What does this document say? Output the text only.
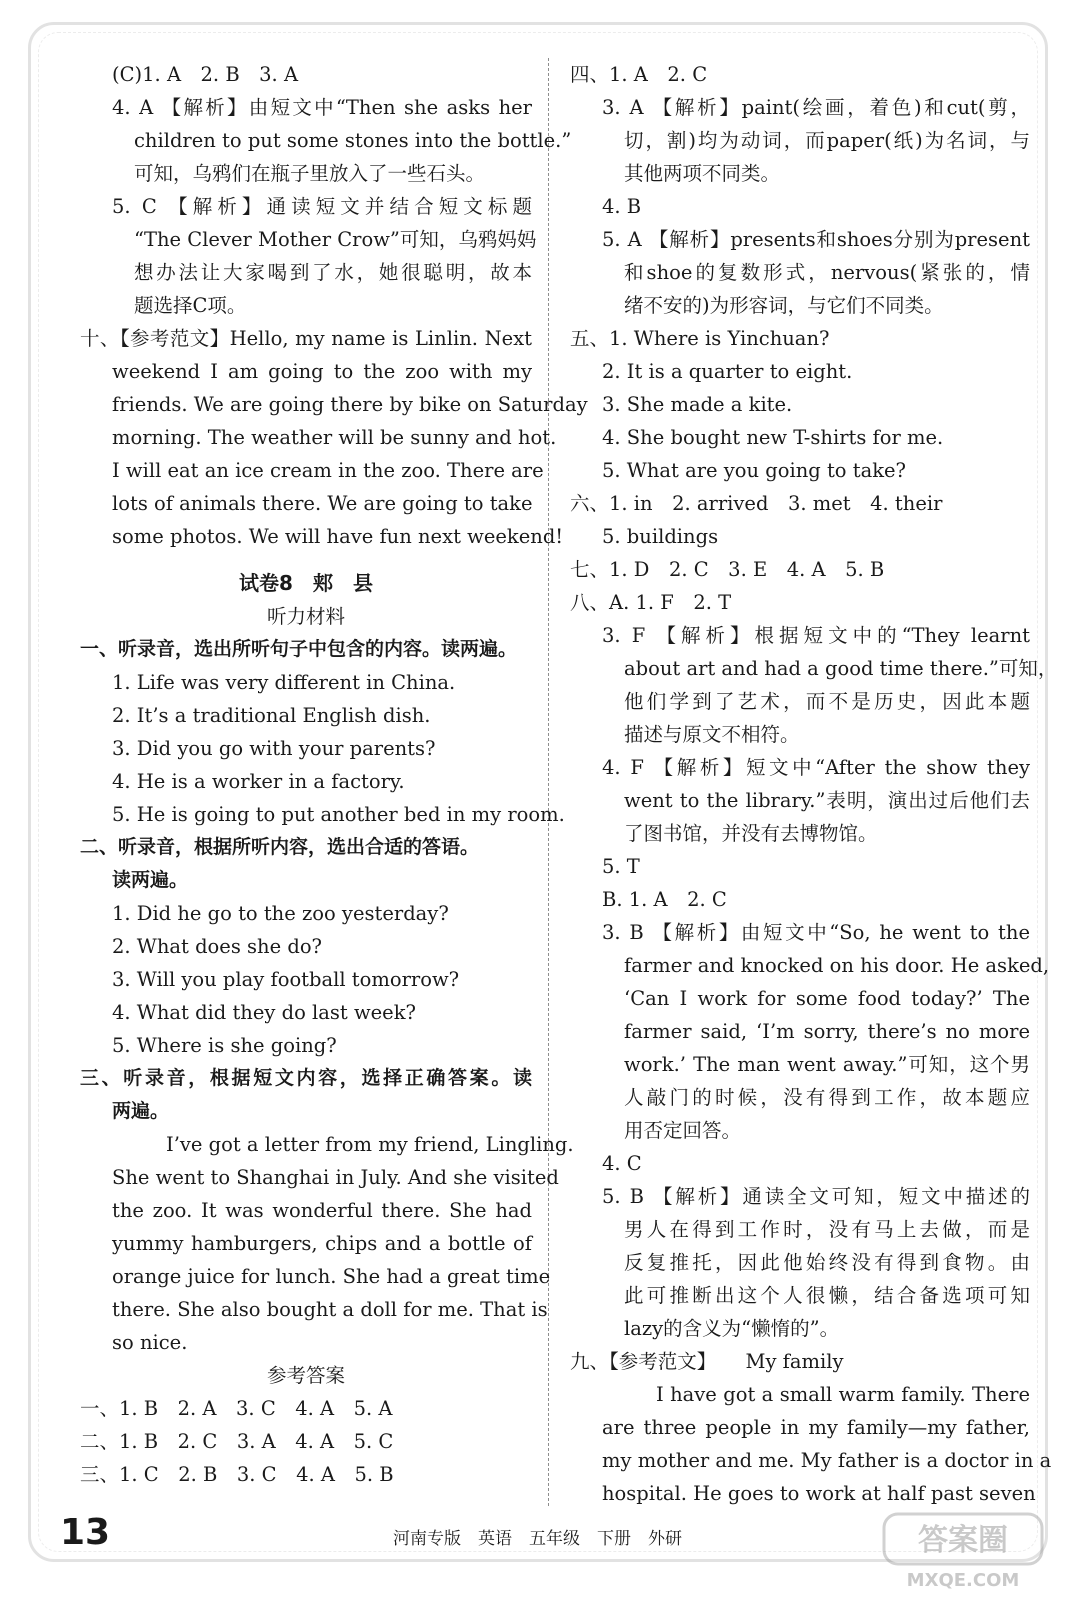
(C)1. A　2. B　3. A
4. A 【解析】由短文中“Then she asks her
children to put some stones into the bottle.”
可知，乌鸦们在瓶子里放入了一些石头。
5. C 【解析】通读短文并结合短文标题
“The Clever Mother Crow”可知，乌鸦妈妈
想办法让大家喝到了水，她很聪明，故本
题选择C项。
十、【参考范文】Hello, my name is Linlin. Next
weekend I am going to the zoo with my
friends. We are going there by bike on Saturday
morning. The weather will be sunny and hot.
I will eat an ice cream in the zoo. There are
lots of animals there. We are going to take
some photos. We will have fun next weekend!
试卷8　郏　县
听力材料
一、听录音，选出所听句子中包含的内容。读两遍。
1. Life was very different in China.
2. It’s a traditional English dish.
3. Did you go with your parents?
4. He is a worker in a factory.
5. He is going to put another bed in my room.
二、听录音，根据所听内容，选出合适的答语。
读两遍。
1. Did he go to the zoo yesterday?
2. What does she do?
3. Will you play football tomorrow?
4. What did they do last week?
5. Where is she going?
三、听录音，根据短文内容，选择正确答案。读
两遍。
I’ve got a letter from my friend, Lingling.
She went to Shanghai in July. And she visited
the zoo. It was wonderful there. She had
yummy hamburgers, chips and a bottle of
orange juice for lunch. She had a great time
there. She also bought a doll for me. That is
so nice.
参考答案
一、1. B　2. A　3. C　4. A　5. A
二、1. B　2. C　3. A　4. A　5. C
三、1. C　2. B　3. C　4. A　5. B
四、1. A　2. C
3. A 【解析】paint(绘画，着色)和cut(剪，
切，割)均为动词，而paper(纸)为名词，与
其他两项不同类。
4. B
5. A 【解析】presents和shoes分别为present
和shoe的复数形式，nervous(紧张的，情
绪不安的)为形容词，与它们不同类。
五、1. Where is Yinchuan?
2. It is a quarter to eight.
3. She made a kite.
4. She bought new T-shirts for me.
5. What are you going to take?
六、1. in　2. arrived　3. met　4. their
5. buildings
七、1. D　2. C　3. E　4. A　5. B
八、A. 1. F　2. T
3. F 【解析】根据短文中的“They learnt
about art and had a good time there.”可知，
他们学到了艺术，而不是历史，因此本题
描述与原文不相符。
4. F 【解析】短文中“After the show they
went to the library.”表明，演出过后他们去
了图书馆，并没有去博物馆。
5. T
B. 1. A　2. C
3. B 【解析】由短文中“So, he went to the
farmer and knocked on his door. He asked,
‘Can I work for some food today?’ The
farmer said, ‘I’m sorry, there’s no more
work.’ The man went away.”可知，这个男
人敲门的时候，没有得到工作，故本题应
用否定回答。
4. C
5. B 【解析】通读全文可知，短文中描述的
男人在得到工作时，没有马上去做，而是
反复推托，因此他始终没有得到食物。由
此可推断出这个人很懒，结合备选项可知
lazy的含义为“懒惰的”。
九、【参考范文】　　My family
I have got a small warm family. There
are three people in my family—my father,
my mother and me. My father is a doctor in a
hospital. He goes to work at half past seven
13	河南专版　英语　五年级　下册　外研	答案圈
MXQE.COM
